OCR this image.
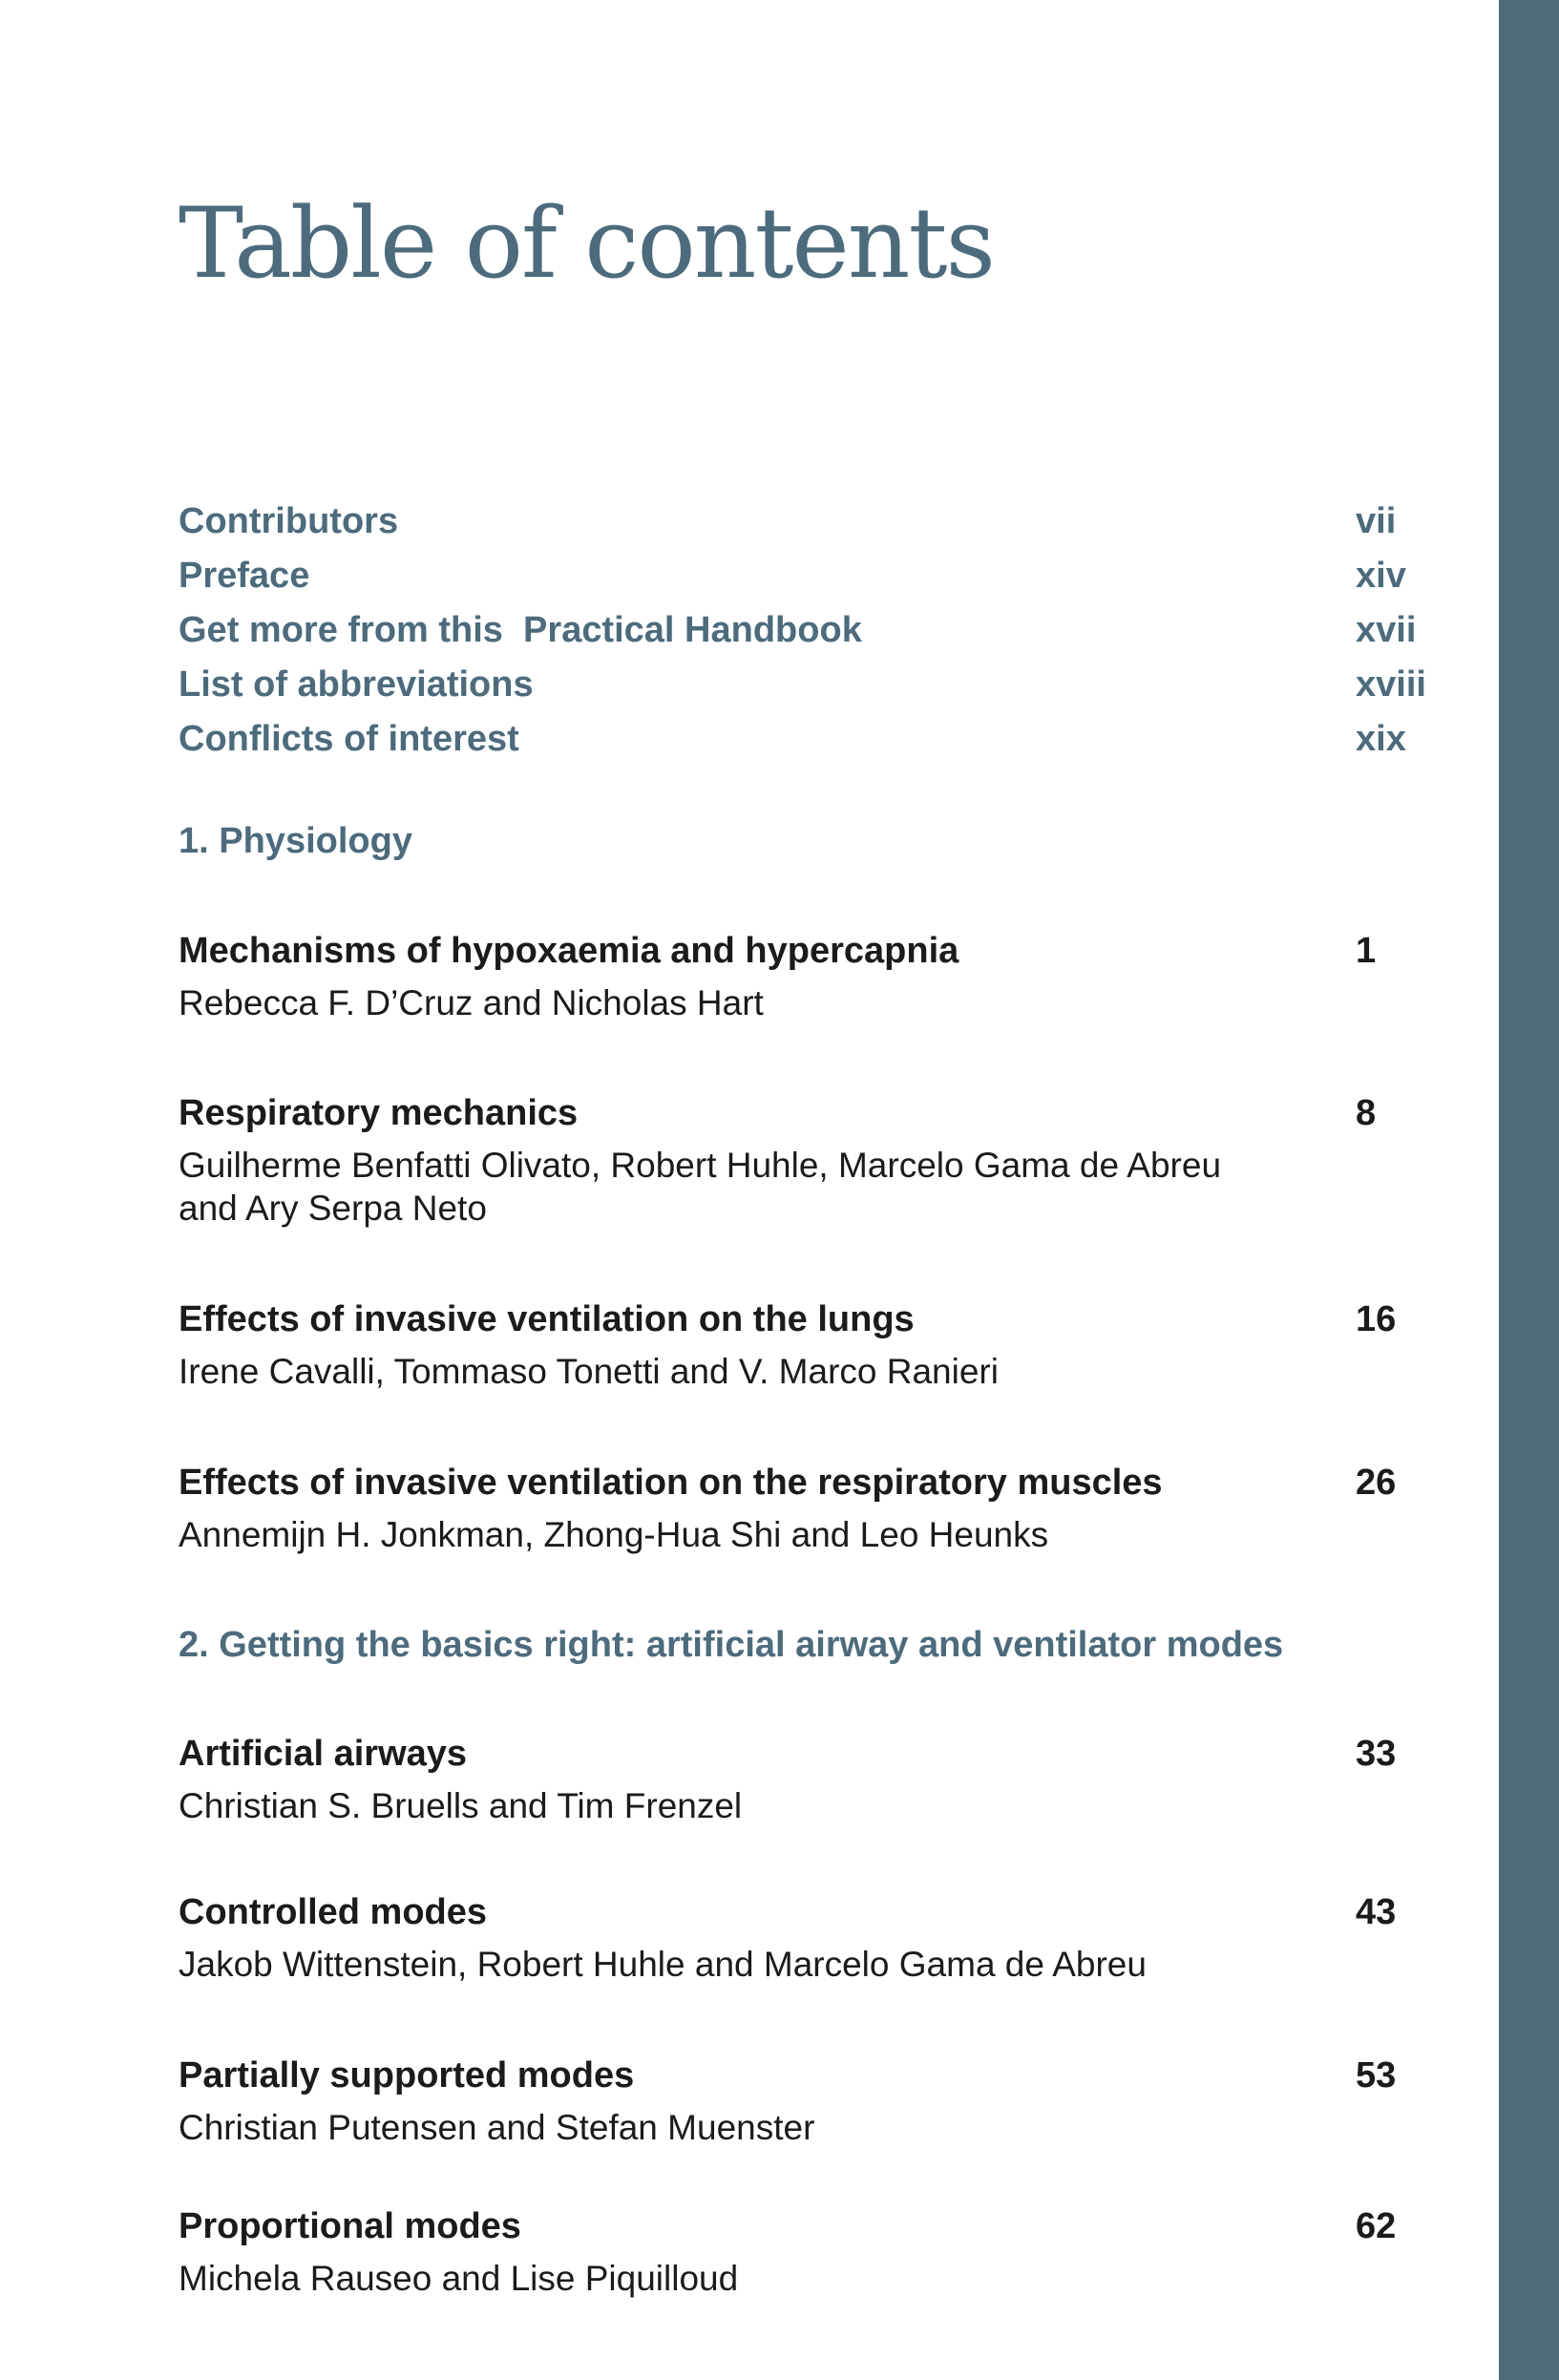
Table of contents
Contributors	vii
Preface	xiv
Get more from this  Practical Handbook	xvii
List of abbreviations	xviii
Conflicts of interest	xix
1. Physiology
Mechanisms of hypoxaemia and hypercapnia	1
Rebecca F. D’Cruz and Nicholas Hart
Respiratory mechanics	8
Guilherme Benfatti Olivato, Robert Huhle, Marcelo Gama de Abreu and Ary Serpa Neto
Effects of invasive ventilation on the lungs	16
Irene Cavalli, Tommaso Tonetti and V. Marco Ranieri
Effects of invasive ventilation on the respiratory muscles	26
Annemijn H. Jonkman, Zhong-Hua Shi and Leo Heunks
2. Getting the basics right: artificial airway and ventilator modes
Artificial airways	33
Christian S. Bruells and Tim Frenzel
Controlled modes	43
Jakob Wittenstein, Robert Huhle and Marcelo Gama de Abreu
Partially supported modes	53
Christian Putensen and Stefan Muenster
Proportional modes	62
Michela Rauseo and Lise Piquilloud
